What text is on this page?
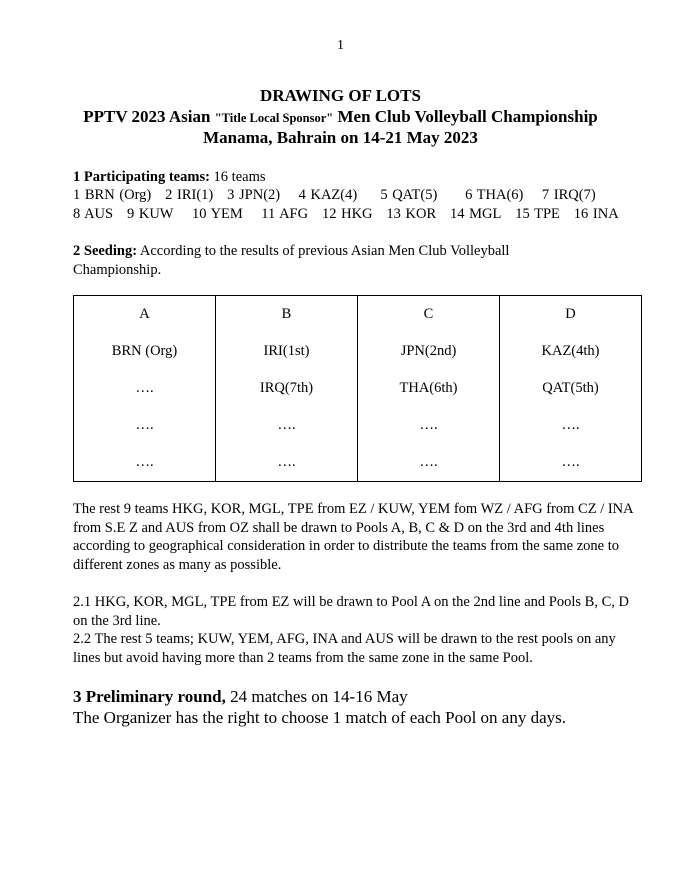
1
DRAWING OF LOTS
PPTV 2023 Asian "Title Local Sponsor" Men Club Volleyball Championship
Manama, Bahrain on 14-21 May 2023
1 Participating teams: 16 teams
1 BRN (Org) 2 IRI(1) 3 JPN(2) 4 KAZ(4) 5 QAT(5) 6 THA(6) 7 IRQ(7)
8 AUS 9 KUW 10 YEM 11 AFG 12 HKG 13 KOR 14 MGL 15 TPE 16 INA
2 Seeding: According to the results of previous Asian Men Club Volleyball Championship.
A	B	C	D
BRN (Org)	IRI(1st)	JPN(2nd)	KAZ(4th)
….	IRQ(7th)	THA(6th)	QAT(5th)
….	….	….	….
….	….	….	….
The rest 9 teams HKG, KOR, MGL, TPE from EZ / KUW, YEM fom WZ / AFG from CZ / INA from S.E Z and AUS from OZ shall be drawn to Pools A, B, C & D on the 3rd and 4th lines according to geographical consideration in order to distribute the teams from the same zone to different zones as many as possible.
2.1 HKG, KOR, MGL, TPE from EZ will be drawn to Pool A on the 2nd line and Pools B, C, D on the 3rd line.
2.2 The rest 5 teams; KUW, YEM, AFG, INA and AUS will be drawn to the rest pools on any lines but avoid having more than 2 teams from the same zone in the same Pool.
3 Preliminary round, 24 matches on 14-16 May
The Organizer has the right to choose 1 match of each Pool on any days.
